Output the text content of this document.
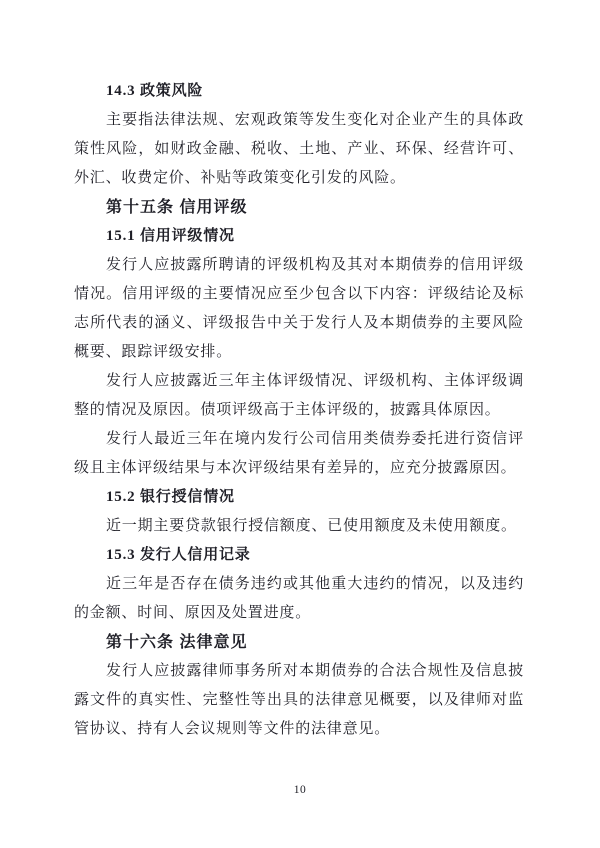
14.3 政策风险

主要指法律法规、宏观政策等发生变化对企业产生的具体政策性风险，如财政金融、税收、土地、产业、环保、经营许可、外汇、收费定价、补贴等政策变化引发的风险。

第十五条 信用评级

15.1 信用评级情况

发行人应披露所聘请的评级机构及其对本期债券的信用评级情况。信用评级的主要情况应至少包含以下内容：评级结论及标志所代表的涵义、评级报告中关于发行人及本期债券的主要风险概要、跟踪评级安排。

发行人应披露近三年主体评级情况、评级机构、主体评级调整的情况及原因。债项评级高于主体评级的，披露具体原因。

发行人最近三年在境内发行公司信用类债券委托进行资信评级且主体评级结果与本次评级结果有差异的，应充分披露原因。

15.2 银行授信情况

近一期主要贷款银行授信额度、已使用额度及未使用额度。

15.3 发行人信用记录

近三年是否存在债务违约或其他重大违约的情况，以及违约的金额、时间、原因及处置进度。

第十六条 法律意见

发行人应披露律师事务所对本期债券的合法合规性及信息披露文件的真实性、完整性等出具的法律意见概要，以及律师对监管协议、持有人会议规则等文件的法律意见。

10
